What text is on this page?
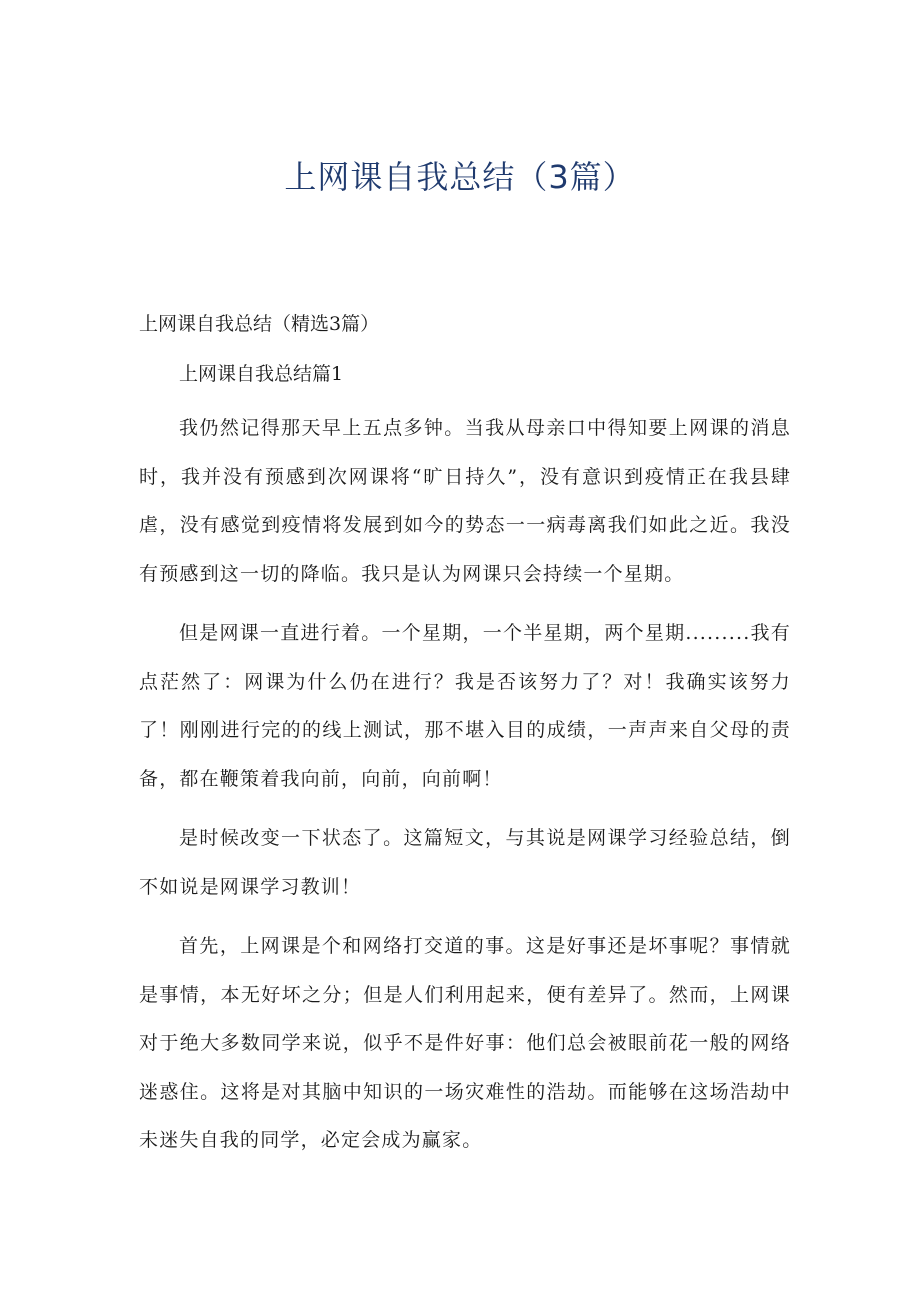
上网课自我总结（3篇）

上网课自我总结（精选3篇）

上网课自我总结篇1

我仍然记得那天早上五点多钟。当我从母亲口中得知要上网课的消息时，我并没有预感到次网课将“旷日持久”，没有意识到疫情正在我县肆虐，没有感觉到疫情将发展到如今的势态一一病毒离我们如此之近。我没有预感到这一切的降临。我只是认为网课只会持续一个星期。

但是网课一直进行着。一个星期，一个半星期，两个星期.........我有点茫然了：网课为什么仍在进行？我是否该努力了？对！我确实该努力了！刚刚进行完的的线上测试，那不堪入目的成绩，一声声来自父母的责备，都在鞭策着我向前，向前，向前啊！

是时候改变一下状态了。这篇短文，与其说是网课学习经验总结，倒不如说是网课学习教训！

首先，上网课是个和网络打交道的事。这是好事还是坏事呢？事情就是事情，本无好坏之分；但是人们利用起来，便有差异了。然而，上网课对于绝大多数同学来说，似乎不是件好事：他们总会被眼前花一般的网络迷惑住。这将是对其脑中知识的一场灾难性的浩劫。而能够在这场浩劫中未迷失自我的同学，必定会成为赢家。
